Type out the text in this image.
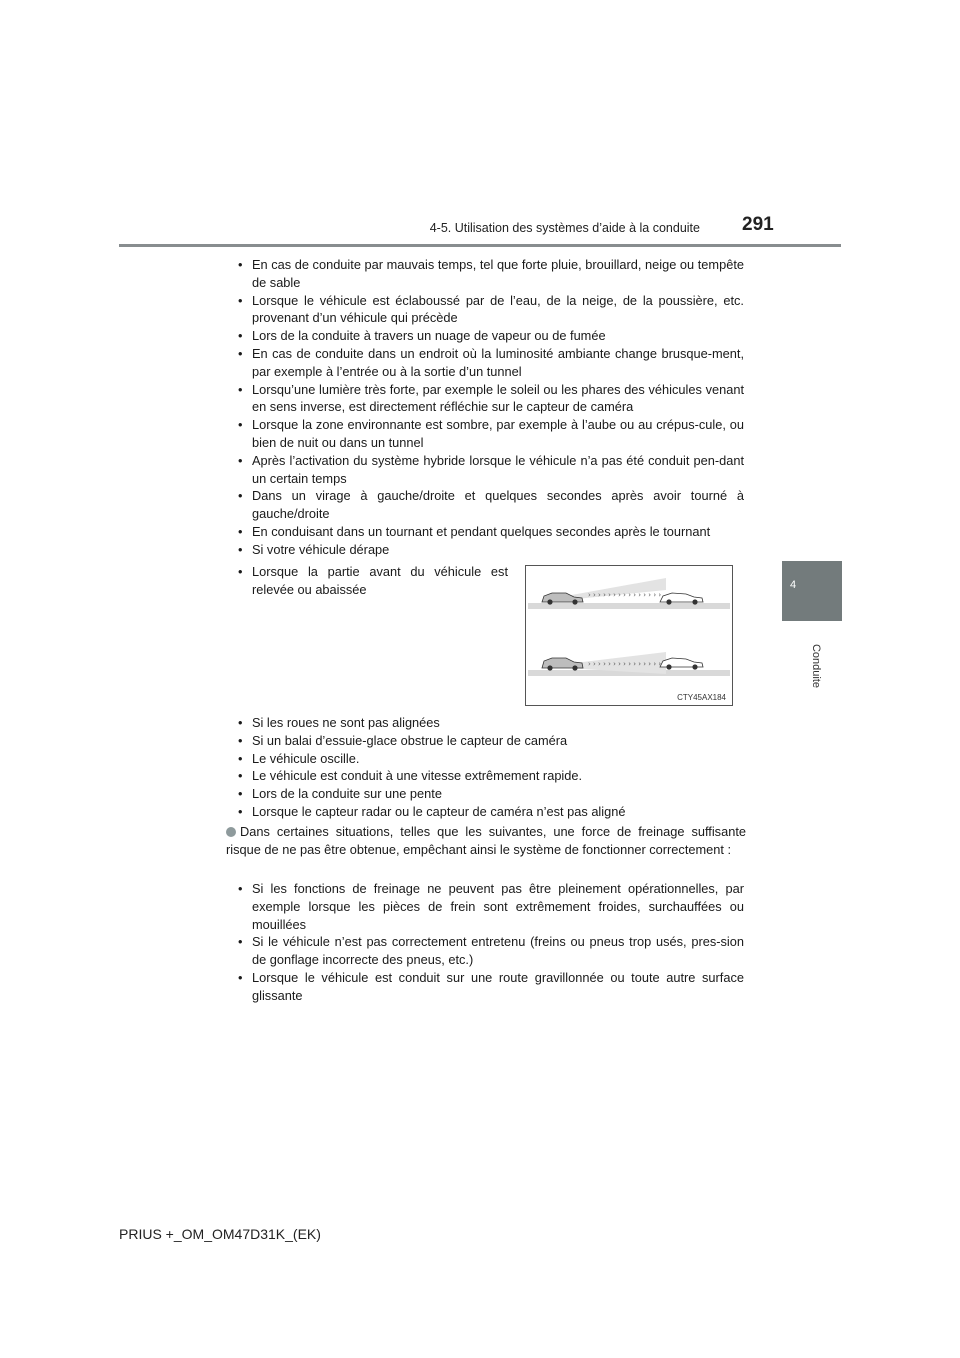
4-5. Utilisation des systèmes d’aide à la conduite 291
4
Conduite
• En cas de conduite par mauvais temps, tel que forte pluie, brouillard, neige ou tempête de sable
• Lorsque le véhicule est éclaboussé par de l’eau, de la neige, de la poussière, etc. provenant d’un véhicule qui précède
• Lors de la conduite à travers un nuage de vapeur ou de fumée
• En cas de conduite dans un endroit où la luminosité ambiante change brusque-ment, par exemple à l’entrée ou à la sortie d’un tunnel
• Lorsqu’une lumière très forte, par exemple le soleil ou les phares des véhicules venant en sens inverse, est directement réfléchie sur le capteur de caméra
• Lorsque la zone environnante est sombre, par exemple à l’aube ou au crépus-cule, ou bien de nuit ou dans un tunnel
• Après l’activation du système hybride lorsque le véhicule n’a pas été conduit pen-dant un certain temps
• Dans un virage à gauche/droite et quelques secondes après avoir tourné à gauche/droite
• En conduisant dans un tournant et pendant quelques secondes après le tournant
• Si votre véhicule dérape
• Lorsque la partie avant du véhicule est relevée ou abaissée	› › › › › › › › › › › › › › ›
› › › › › › › › › › › › › › ›
CTY45AX184
• Si les roues ne sont pas alignées
• Si un balai d’essuie-glace obstrue le capteur de caméra
• Le véhicule oscille.
• Le véhicule est conduit à une vitesse extrêmement rapide.
• Lors de la conduite sur une pente
• Lorsque le capteur radar ou le capteur de caméra n’est pas aligné
Dans certaines situations, telles que les suivantes, une force de freinage suffisante risque de ne pas être obtenue, empêchant ainsi le système de fonctionner correctement :
• Si les fonctions de freinage ne peuvent pas être pleinement opérationnelles, par exemple lorsque les pièces de frein sont extrêmement froides, surchauffées ou mouillées
• Si le véhicule n’est pas correctement entretenu (freins ou pneus trop usés, pres-sion de gonflage incorrecte des pneus, etc.)
• Lorsque le véhicule est conduit sur une route gravillonnée ou toute autre surface glissante
PRIUS +_OM_OM47D31K_(EK)
